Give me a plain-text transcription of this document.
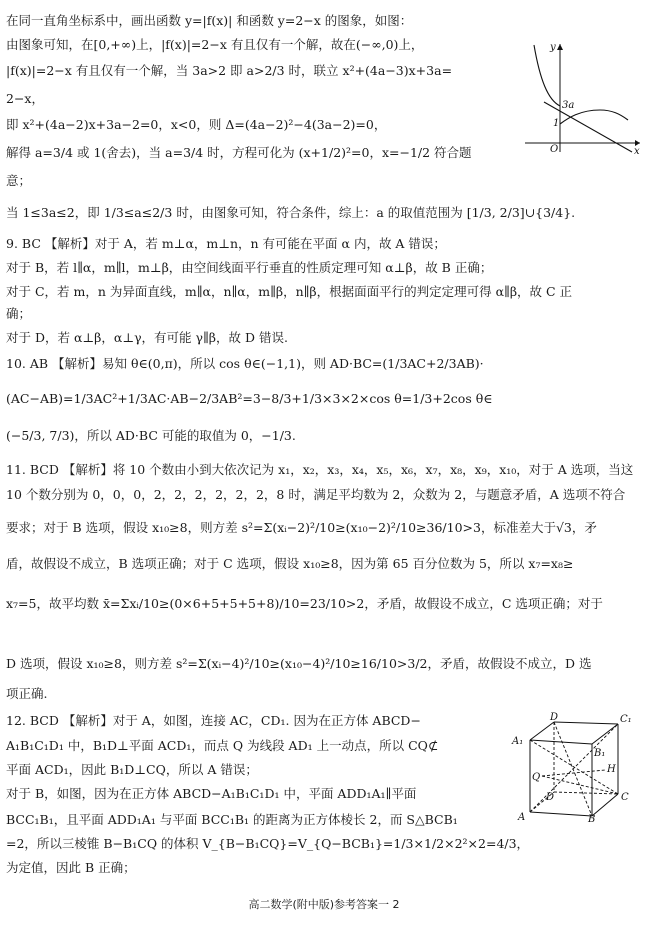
在同一直角坐标系中，画出函数 y=|f(x)| 和函数 y=2−x 的图象，如图：
由图象可知，在[0,+∞)上，|f(x)|=2−x 有且仅有一个解，故在(−∞,0)上，
|f(x)|=2−x 有且仅有一个解，当 3a>2 即 a>2/3 时，联立 x²+(4a−3)x+3a=
2−x，
即 x²+(4a−2)x+3a−2=0，x<0，则 Δ=(4a−2)²−4(3a−2)=0，
解得 a=3/4 或 1(舍去)，当 a=3/4 时，方程可化为 (x+1/2)²=0，x=−1/2 符合题
意；
当 1≤3a≤2，即 1/3≤a≤2/3 时，由图象可知，符合条件，综上：a 的取值范围为 [1/3, 2/3]∪{3/4}.
9. BC 【解析】对于 A，若 m⊥α，m⊥n，n 有可能在平面 α 内，故 A 错误；
对于 B，若 l∥α，m∥l，m⊥β，由空间线面平行垂直的性质定理可知 α⊥β，故 B 正确；
对于 C，若 m，n 为异面直线，m∥α，n∥α，m∥β，n∥β，根据面面平行的判定定理可得 α∥β，故 C 正
确；
对于 D，若 α⊥β，α⊥γ，有可能 γ∥β，故 D 错误.
10. AB 【解析】易知 θ∈(0,π)，所以 cos θ∈(−1,1)，则 AD·BC=(1/3AC+2/3AB)·
(AC−AB)=1/3AC²+1/3AC·AB−2/3AB²=3−8/3+1/3×3×2×cos θ=1/3+2cos θ∈
(−5/3, 7/3)，所以 AD·BC 可能的取值为 0，−1/3.
11. BCD 【解析】将 10 个数由小到大依次记为 x₁，x₂，x₃，x₄，x₅，x₆，x₇，x₈，x₉，x₁₀，对于 A 选项，当这
10 个数分别为 0，0，0，2，2，2，2，2，2，8 时，满足平均数为 2，众数为 2，与题意矛盾，A 选项不符合
要求；对于 B 选项，假设 x₁₀≥8，则方差 s²=Σ(xᵢ−2)²/10≥(x₁₀−2)²/10≥36/10>3，标准差大于√3，矛
盾，故假设不成立，B 选项正确；对于 C 选项，假设 x₁₀≥8，因为第 65 百分位数为 5，所以 x₇=x₈≥
x₇=5，故平均数 x̄=Σxᵢ/10≥(0×6+5+5+5+8)/10=23/10>2，矛盾，故假设不成立，C 选项正确；对于
D 选项，假设 x₁₀≥8，则方差 s²=Σ(xᵢ−4)²/10≥(x₁₀−4)²/10≥16/10>3/2，矛盾，故假设不成立，D 选
项正确.
12. BCD 【解析】对于 A，如图，连接 AC，CD₁. 因为在正方体 ABCD−
A₁B₁C₁D₁ 中，B₁D⊥平面 ACD₁，而点 Q 为线段 AD₁ 上一动点，所以 CQ⊄
平面 ACD₁，因此 B₁D⊥CQ，所以 A 错误；
对于 B，如图，因为在正方体 ABCD−A₁B₁C₁D₁ 中，平面 ADD₁A₁∥平面
BCC₁B₁，且平面 ADD₁A₁ 与平面 BCC₁B₁ 的距离为正方体棱长 2，而 S△BCB₁
=2，所以三棱锥 B−B₁CQ 的体积 V_{B−B₁CQ}=V_{Q−BCB₁}=1/3×1/2×2²×2=4/3，
为定值，因此 B 正确；
y
3a
1
O	x
D	C₁
A₁
Q
H
B₁
D	C
A	B
高二数学(附中版)参考答案一 2
